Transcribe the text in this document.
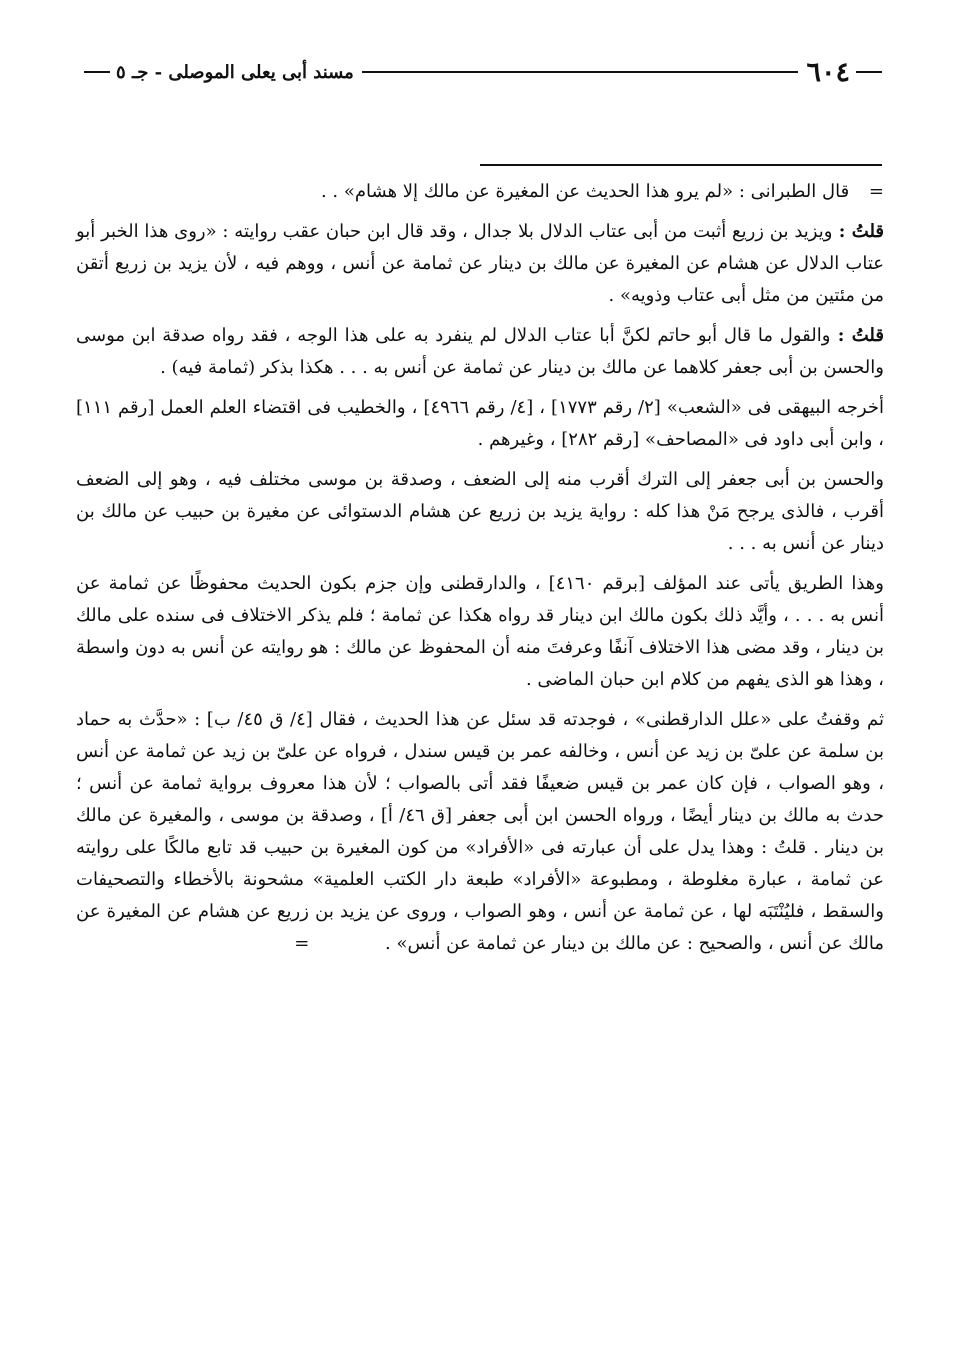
٦٠٤
مسند أبى يعلى الموصلى - جـ ٥

= قال الطبرانى : «لم يرو هذا الحديث عن المغيرة عن مالك إلا هشام» . .

قلتُ : ويزيد بن زريع أثبت من أبى عتاب الدلال بلا جدال ، وقد قال ابن حبان عقب روايته : «روى هذا الخبر أبو عتاب الدلال عن هشام عن المغيرة عن مالك بن دينار عن ثمامة عن أنس ، ووهم فيه ، لأن يزيد بن زريع أتقن من مئتين من مثل أبى عتاب وذويه» .

قلتُ : والقول ما قال أبو حاتم لكنَّ أبا عتاب الدلال لم ينفرد به على هذا الوجه ، فقد رواه صدقة ابن موسى والحسن بن أبى جعفر كلاهما عن مالك بن دينار عن ثمامة عن أنس به . . . هكذا بذكر (ثمامة فيه) .

أخرجه البيهقى فى «الشعب» [٢/ رقم ١٧٧٣] ، [٤/ رقم ٤٩٦٦] ، والخطيب فى اقتضاء العلم العمل [رقم ١١١] ، وابن أبى داود فى «المصاحف» [رقم ٢٨٢] ، وغيرهم .

والحسن بن أبى جعفر إلى الترك أقرب منه إلى الضعف ، وصدقة بن موسى مختلف فيه ، وهو إلى الضعف أقرب ، فالذى يرجح مَنْ هذا كله : رواية يزيد بن زريع عن هشام الدستوائى عن مغيرة بن حبيب عن مالك بن دينار عن أنس به . . .

وهذا الطريق يأتى عند المؤلف [برقم ٤١٦٠] ، والدارقطنى وإن جزم بكون الحديث محفوظًا عن ثمامة عن أنس به . . . ، وأيَّد ذلك بكون مالك ابن دينار قد رواه هكذا عن ثمامة ؛ فلم يذكر الاختلاف فى سنده على مالك بن دينار ، وقد مضى هذا الاختلاف آنفًا وعرفتَ منه أن المحفوظ عن مالك : هو روايته عن أنس به دون واسطة ، وهذا هو الذى يفهم من كلام ابن حبان الماضى .

ثم وقفتُ على «علل الدارقطنى» ، فوجدته قد سئل عن هذا الحديث ، فقال [٤/ ق ٤٥/ ب] : «حدَّث به حماد بن سلمة عن علىّ بن زيد عن أنس ، وخالفه عمر بن قيس سندل ، فرواه عن علىّ بن زيد عن ثمامة عن أنس ، وهو الصواب ، فإن كان عمر بن قيس ضعيفًا فقد أتى بالصواب ؛ لأن هذا معروف برواية ثمامة عن أنس ؛ حدث به مالك بن دينار أيضًا ، ورواه الحسن ابن أبى جعفر [ق ٤٦/ أ] ، وصدقة بن موسى ، والمغيرة عن مالك بن دينار . قلتُ : وهذا يدل على أن عبارته فى «الأفراد» من كون المغيرة بن حبيب قد تابع مالكًا على روايته عن ثمامة ، عبارة مغلوطة ، ومطبوعة «الأفراد» طبعة دار الكتب العلمية» مشحونة بالأخطاء والتصحيفات والسقط ، فليُنْتَبَه لها ، عن ثمامة عن أنس ، وهو الصواب ، وروى عن يزيد بن زريع عن هشام عن المغيرة عن مالك عن أنس ، والصحيح : عن مالك بن دينار عن ثمامة عن أنس» . =
